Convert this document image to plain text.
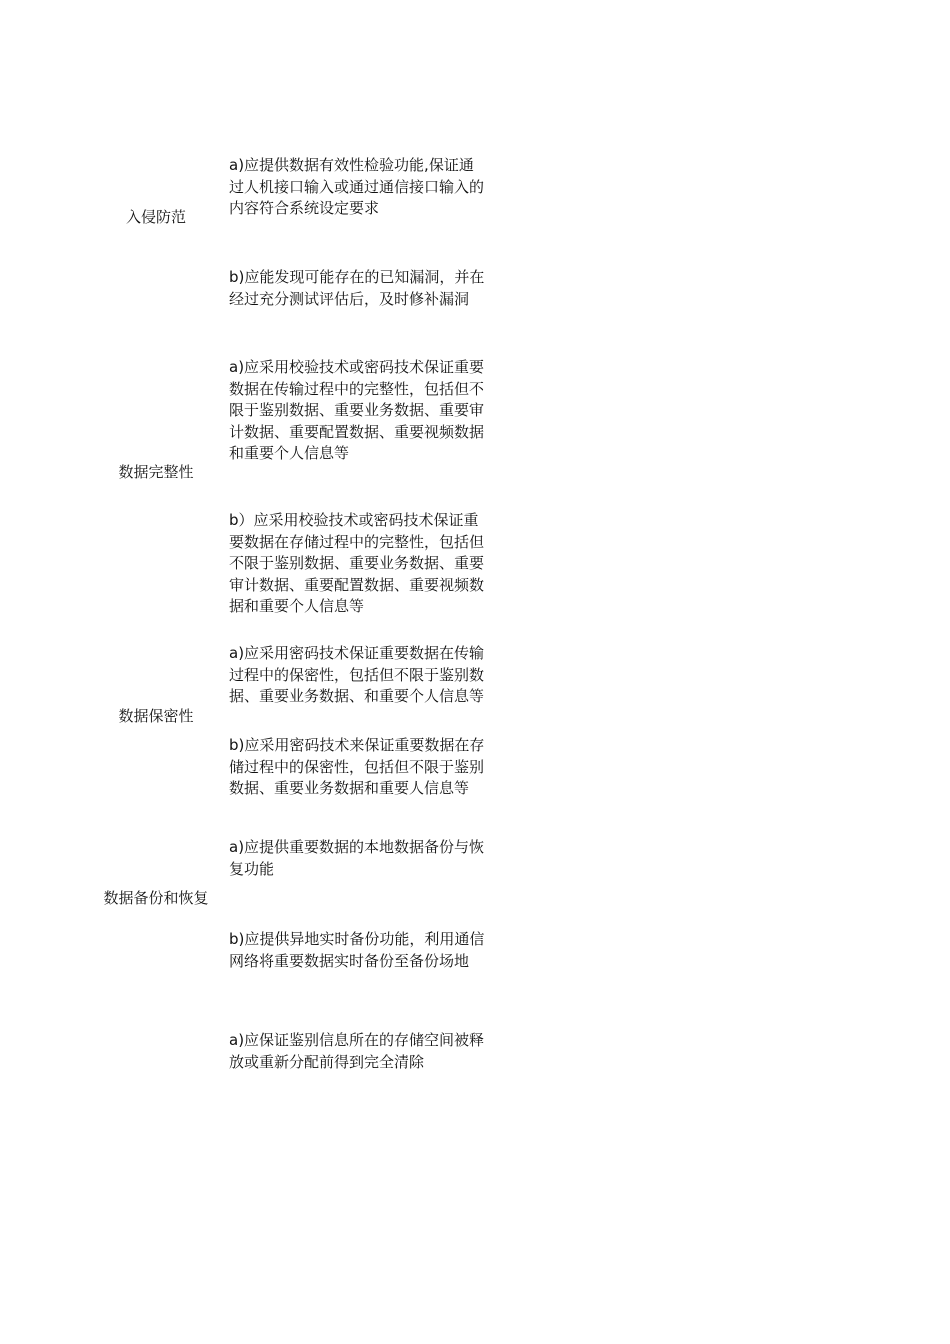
入侵防范
a)应提供数据有效性检验功能,保证通
过人机接口输入或通过通信接口输入的
内容符合系统设定要求
b)应能发现可能存在的已知漏洞，并在
经过充分测试评估后，及时修补漏洞
数据完整性
a)应采用校验技术或密码技术保证重要
数据在传输过程中的完整性，包括但不
限于鉴别数据、重要业务数据、重要审
计数据、重要配置数据、重要视频数据
和重要个人信息等
b）应采用校验技术或密码技术保证重
要数据在存储过程中的完整性，包括但
不限于鉴别数据、重要业务数据、重要
审计数据、重要配置数据、重要视频数
据和重要个人信息等
数据保密性
a)应采用密码技术保证重要数据在传输
过程中的保密性，包括但不限于鉴别数
据、重要业务数据、和重要个人信息等
b)应采用密码技术来保证重要数据在存
储过程中的保密性，包括但不限于鉴别
数据、重要业务数据和重要人信息等
数据备份和恢复
a)应提供重要数据的本地数据备份与恢
复功能
b)应提供异地实时备份功能，利用通信
网络将重要数据实时备份至备份场地
a)应保证鉴别信息所在的存储空间被释
放或重新分配前得到完全清除
